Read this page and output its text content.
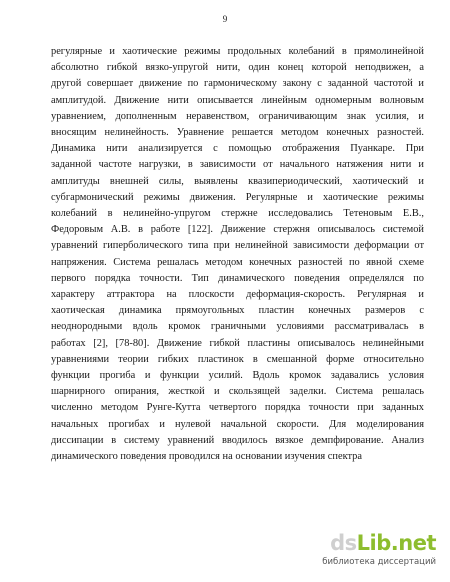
9
регулярные и хаотические режимы продольных колебаний в прямолинейной
абсолютно гибкой вязко-упругой нити, один конец которой неподвижен, а
другой совершает движение по гармоническому закону с заданной частотой и
амплитудой. Движение нити описывается линейным одномерным волновым
уравнением, дополненным неравенством, ограничивающим знак усилия, и
вносящим нелинейность. Уравнение решается методом конечных разностей.
Динамика нити анализируется с помощью отображения Пуанкаре. При
заданной частоте нагрузки, в зависимости от начального натяжения нити и
амплитуды внешней силы, выявлены квазипериодический, хаотический и
субгармонический режимы движения. Регулярные и хаотические режимы
колебаний в нелинейно-упругом стержне исследовались Тетеновым Е.В.,
Федоровым А.В. в работе [122]. Движение стержня описывалось системой
уравнений гиперболического типа при нелинейной зависимости деформации от
напряжения. Система решалась методом конечных разностей по явной схеме
первого порядка точности. Тип динамического поведения определялся по
характеру аттрактора на плоскости деформация-скорость. Регулярная и
хаотическая динамика прямоугольных пластин конечных размеров с
неоднородными вдоль кромок граничными условиями рассматривалась в
работах [2], [78-80]. Движение гибкой пластины описывалось нелинейными
уравнениями теории гибких пластинок в смешанной форме относительно
функции прогиба и функции усилий. Вдоль кромок задавались условия
шарнирного опирания, жесткой и скользящей заделки. Система решалась
численно методом Рунге-Кутта четвертого порядка точности при заданных
начальных прогибах и нулевой начальной скорости. Для моделирования
диссипации в систему уравнений вводилось вязкое демпфирование. Анализ
динамического поведения проводился на основании изучения спектра
dsLib.net
библиотека диссертаций
